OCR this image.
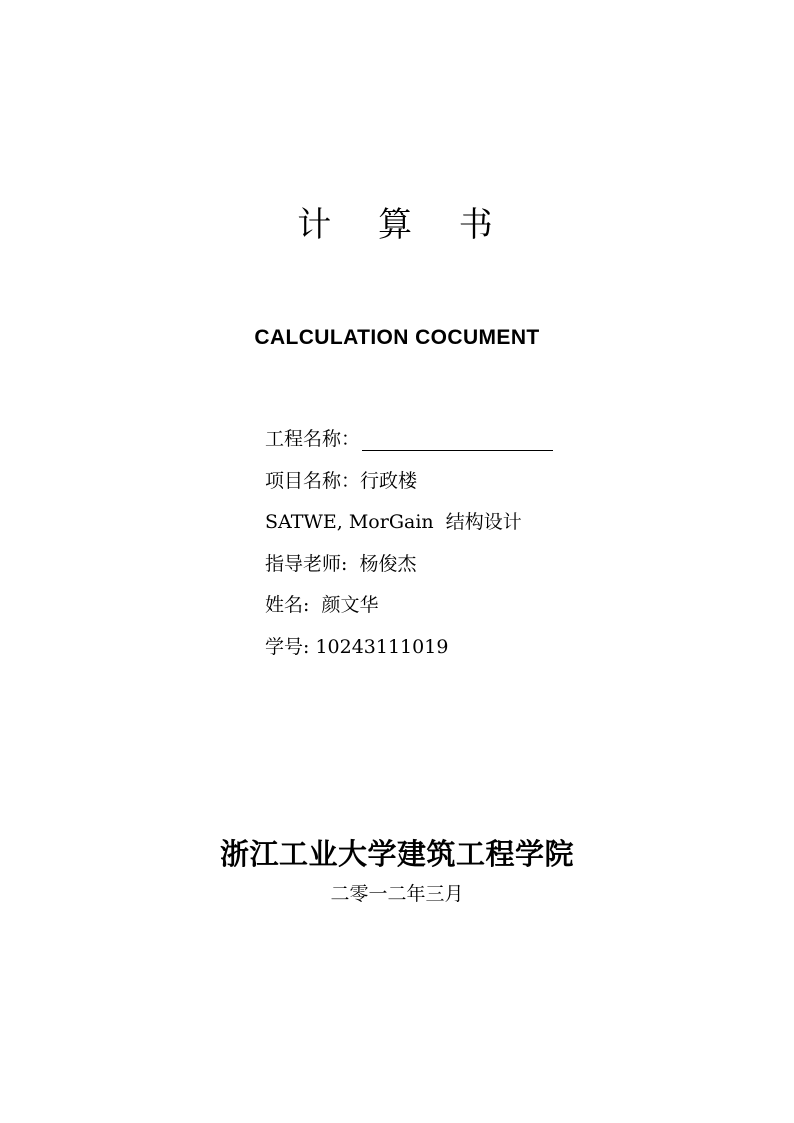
计 算 书
CALCULATION COCUMENT
工程名称：
项目名称：行政楼
SATWE, MorGain  结构设计
指导老师:  杨俊杰
姓名:  颜文华
学号: 10243111019
浙江工业大学建筑工程学院

二零一二年三月
